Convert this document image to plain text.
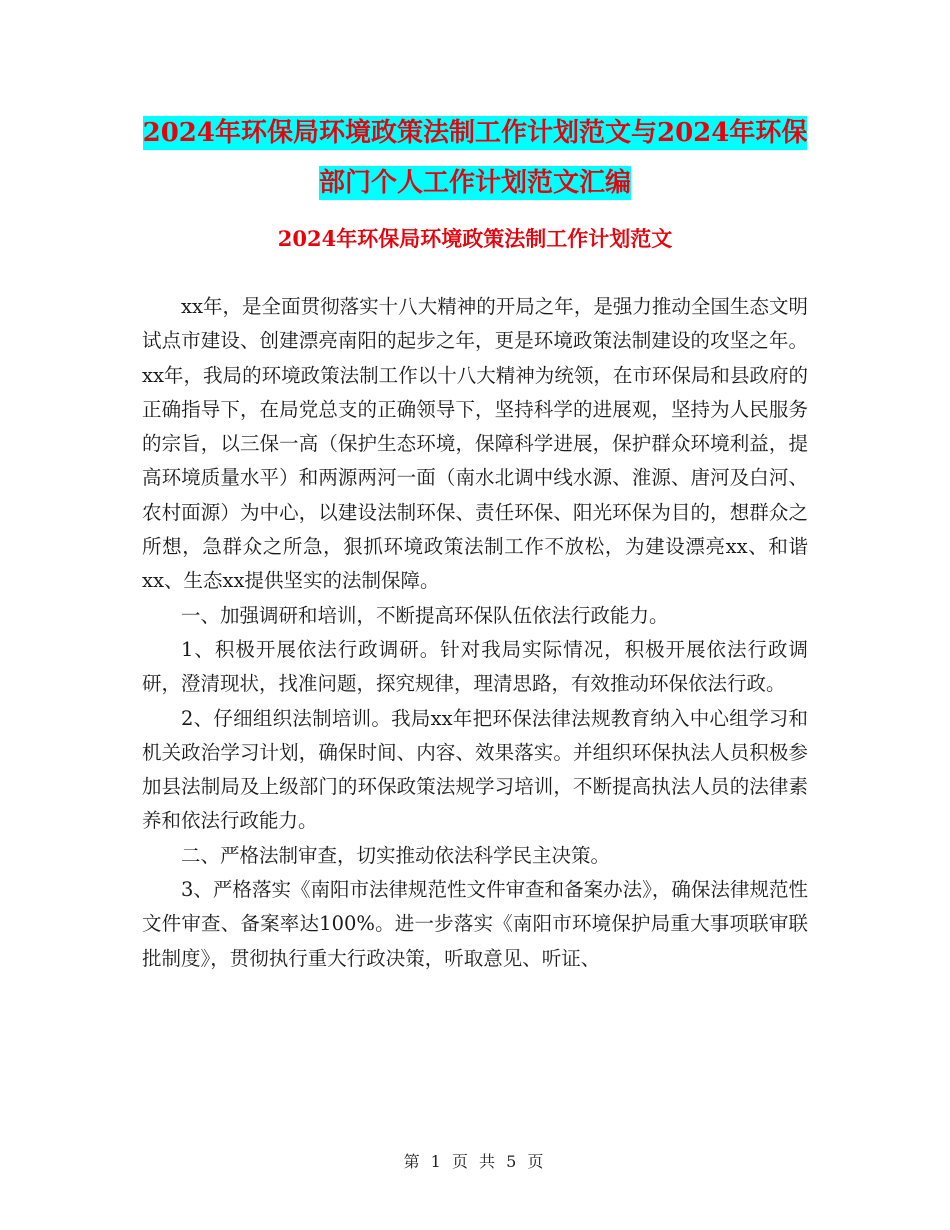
2024年环保局环境政策法制工作计划范文与2024年环保部门个人工作计划范文汇编
2024年环保局环境政策法制工作计划范文

xx年，是全面贯彻落实十八大精神的开局之年，是强力推动全国生态文明试点市建设、创建漂亮南阳的起步之年，更是环境政策法制建设的攻坚之年。xx年，我局的环境政策法制工作以十八大精神为统领，在市环保局和县政府的正确指导下，在局党总支的正确领导下，坚持科学的进展观，坚持为人民服务的宗旨，以三保一高（保护生态环境，保障科学进展，保护群众环境利益，提高环境质量水平）和两源两河一面（南水北调中线水源、淮源、唐河及白河、农村面源）为中心，以建设法制环保、责任环保、阳光环保为目的，想群众之所想，急群众之所急，狠抓环境政策法制工作不放松，为建设漂亮xx、和谐xx、生态xx提供坚实的法制保障。

一、加强调研和培训，不断提高环保队伍依法行政能力。

1、积极开展依法行政调研。针对我局实际情况，积极开展依法行政调研，澄清现状，找准问题，探究规律，理清思路，有效推动环保依法行政。

2、仔细组织法制培训。我局xx年把环保法律法规教育纳入中心组学习和机关政治学习计划，确保时间、内容、效果落实。并组织环保执法人员积极参加县法制局及上级部门的环保政策法规学习培训，不断提高执法人员的法律素养和依法行政能力。

二、严格法制审查，切实推动依法科学民主决策。

3、严格落实《南阳市法律规范性文件审查和备案办法》，确保法律规范性文件审查、备案率达100%。进一步落实《南阳市环境保护局重大事项联审联批制度》，贯彻执行重大行政决策，听取意见、听证、

第 1 页 共 5 页
